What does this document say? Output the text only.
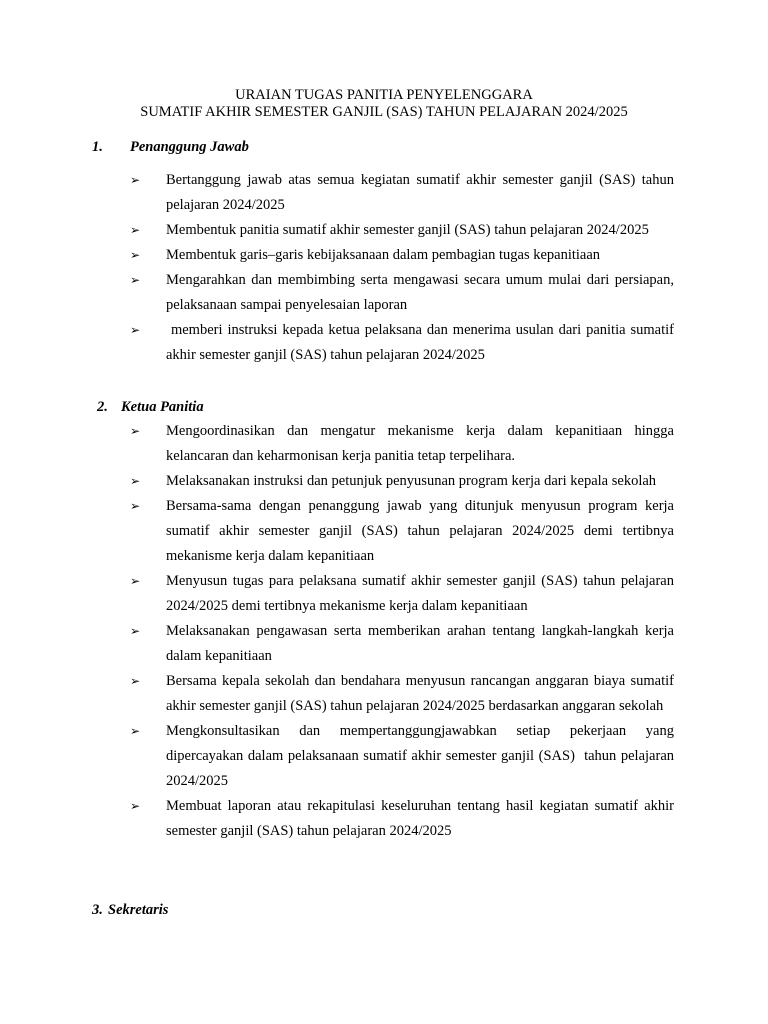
URAIAN TUGAS PANITIA PENYELENGGARA
SUMATIF AKHIR SEMESTER GANJIL (SAS) TAHUN PELAJARAN 2024/2025
1. Penanggung Jawab
➢ Bertanggung jawab atas semua kegiatan sumatif akhir semester ganjil (SAS) tahun pelajaran 2024/2025
➢ Membentuk panitia sumatif akhir semester ganjil (SAS) tahun pelajaran 2024/2025
➢ Membentuk garis–garis kebijaksanaan dalam pembagian tugas kepanitiaan
➢ Mengarahkan dan membimbing serta mengawasi secara umum mulai dari persiapan, pelaksanaan sampai penyelesaian laporan
➢ memberi instruksi kepada ketua pelaksana dan menerima usulan dari panitia sumatif akhir semester ganjil (SAS) tahun pelajaran 2024/2025
2. Ketua Panitia
➢ Mengoordinasikan dan mengatur mekanisme kerja dalam kepanitiaan hingga kelancaran dan keharmonisan kerja panitia tetap terpelihara.
➢ Melaksanakan instruksi dan petunjuk penyusunan program kerja dari kepala sekolah
➢ Bersama-sama dengan penanggung jawab yang ditunjuk menyusun program kerja sumatif akhir semester ganjil (SAS) tahun pelajaran 2024/2025 demi tertibnya mekanisme kerja dalam kepanitiaan
➢ Menyusun tugas para pelaksana sumatif akhir semester ganjil (SAS) tahun pelajaran 2024/2025 demi tertibnya mekanisme kerja dalam kepanitiaan
➢ Melaksanakan pengawasan serta memberikan arahan tentang langkah-langkah kerja dalam kepanitiaan
➢ Bersama kepala sekolah dan bendahara menyusun rancangan anggaran biaya sumatif akhir semester ganjil (SAS) tahun pelajaran 2024/2025 berdasarkan anggaran sekolah
➢ Mengkonsultasikan dan mempertanggungjawabkan setiap pekerjaan yang dipercayakan dalam pelaksanaan sumatif akhir semester ganjil (SAS)  tahun pelajaran 2024/2025
➢ Membuat laporan atau rekapitulasi keseluruhan tentang hasil kegiatan sumatif akhir semester ganjil (SAS) tahun pelajaran 2024/2025
3. Sekretaris
